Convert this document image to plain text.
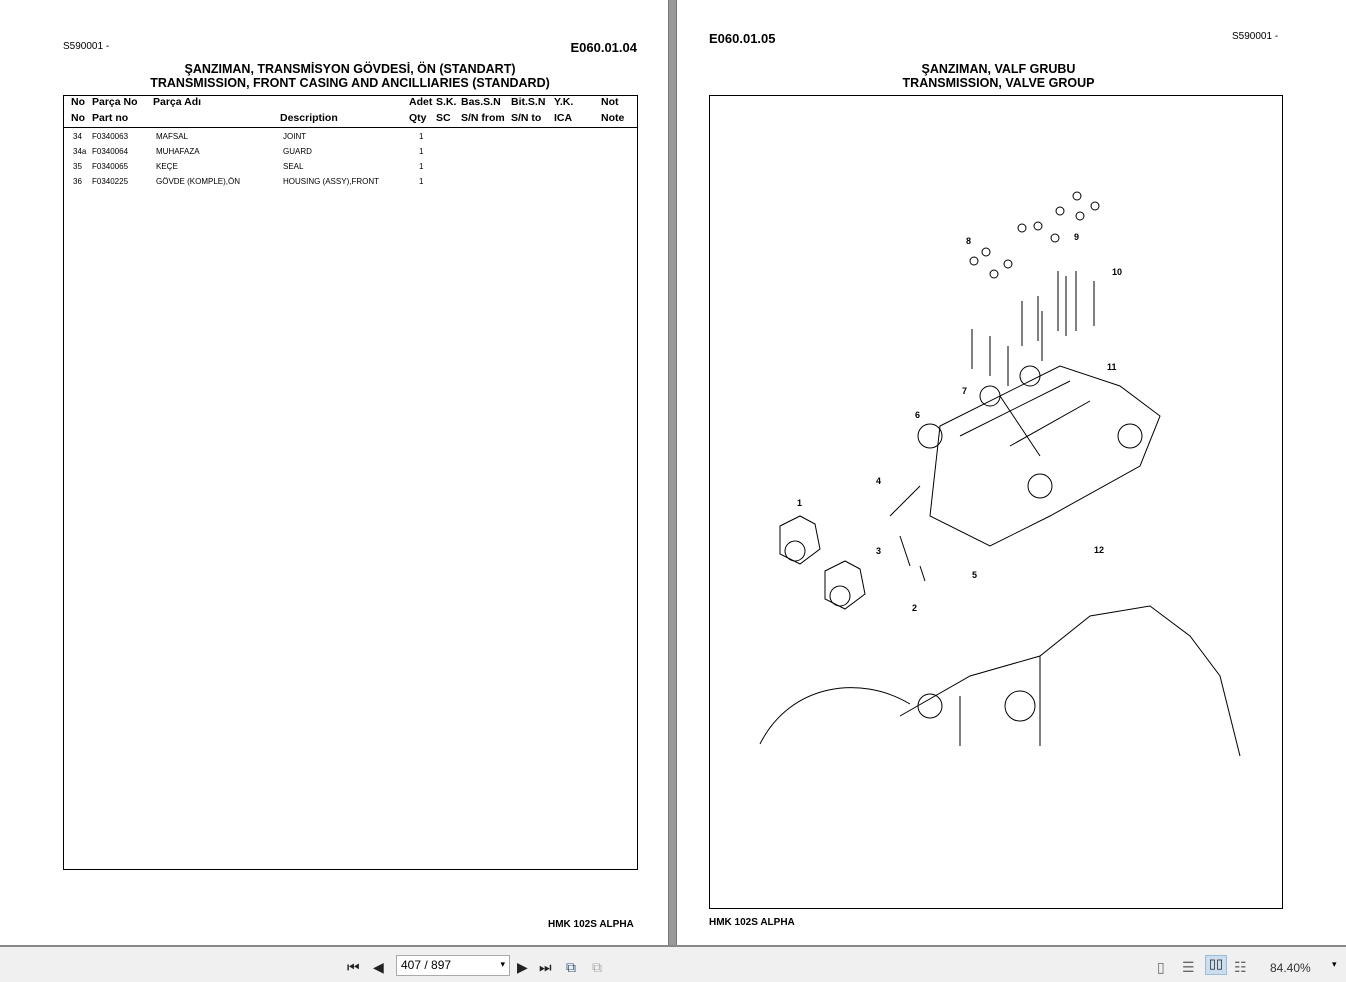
S590001 -	E060.01.04
ŞANZIMAN, TRANSMİSYON GÖVDESİ, ÖN (STANDART)
TRANSMISSION, FRONT CASING AND ANCILLIARIES (STANDARD)
No Parça No Parça Adı	Adet S.K. Bas.S.N Bit.S.N Y.K.	Not
No Part no	Description	Qty SC S/N from S/N to ICA	Note
34 F0340063	MAFSAL	JOINT	1
34a F0340064	MUHAFAZA	GUARD	1
35 F0340065	KEÇE	SEAL	1
36 F0340225	GÖVDE (KOMPLE),ÖN	HOUSING (ASSY),FRONT	1
HMK 102S ALPHA
E060.01.05	S590001 -
ŞANZIMAN, VALF GRUBU
TRANSMISSION, VALVE GROUP
8	9
10
11
7
6
4
1
3	12
5
2
HMK 102S ALPHA
⏮ ◀	▶ ⏭ ⧉ ⧉	▯ ☰ ▯▯ ☷ 84.40% ▾
407 / 897	▾
